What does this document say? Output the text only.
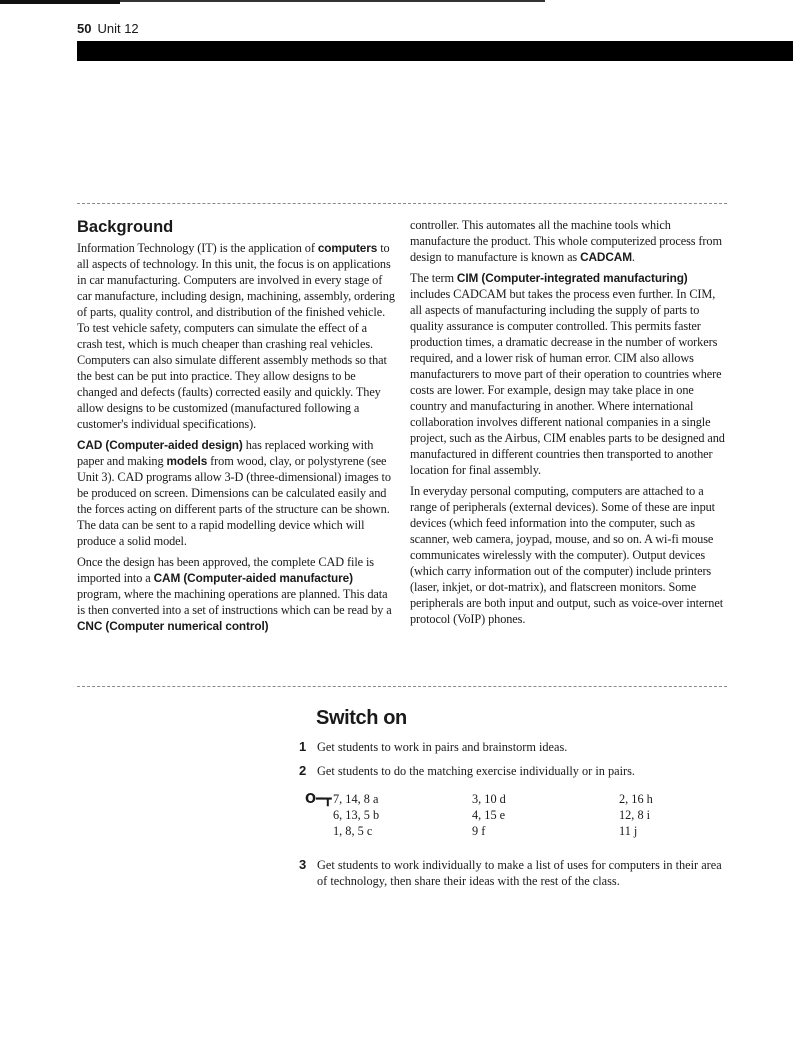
50 Unit 12
Background

Information Technology (IT) is the application of computers to all aspects of technology. In this unit, the focus is on applications in car manufacturing. Computers are involved in every stage of car manufacture, including design, machining, assembly, ordering of parts, quality control, and distribution of the finished vehicle. To test vehicle safety, computers can simulate the effect of a crash test, which is much cheaper than crashing real vehicles. Computers can also simulate different assembly methods so that the best can be put into practice. They allow designs to be changed and defects (faults) corrected easily and quickly. They allow designs to be customized (manufactured following a customer's individual specifications).

CAD (Computer-aided design) has replaced working with paper and making models from wood, clay, or polystyrene (see Unit 3). CAD programs allow 3-D (three-dimensional) images to be produced on screen. Dimensions can be calculated easily and the forces acting on different parts of the structure can be shown. The data can be sent to a rapid modelling device which will produce a solid model.

Once the design has been approved, the complete CAD file is imported into a CAM (Computer-aided manufacture) program, where the machining operations are planned. This data is then converted into a set of instructions which can be read by a CNC (Computer numerical control)

controller. This automates all the machine tools which manufacture the product. This whole computerized process from design to manufacture is known as CADCAM.

The term CIM (Computer-integrated manufacturing) includes CADCAM but takes the process even further. In CIM, all aspects of manufacturing including the supply of parts to quality assurance is computer controlled. This permits faster production times, a dramatic decrease in the number of workers required, and a lower risk of human error. CIM also allows manufacturers to move part of their operation to countries where costs are lower. For example, design may take place in one country and manufacturing in another. Where international collaboration involves different national companies in a single project, such as the Airbus, CIM enables parts to be designed and manufactured in different countries then transported to another location for final assembly.

In everyday personal computing, computers are attached to a range of peripherals (external devices). Some of these are input devices (which feed information into the computer, such as scanner, web camera, joypad, mouse, and so on. A wi-fi mouse communicates wirelessly with the computer). Output devices (which carry information out of the computer) include printers (laser, inkjet, or dot-matrix), and flatscreen monitors. Some peripherals are both input and output, such as voice-over internet protocol (VoIP) phones.

Switch on
1 Get students to work in pairs and brainstorm ideas.
2 Get students to do the matching exercise individually or in pairs.
O━┳ 7, 14, 8 a
6, 13, 5 b
1, 8, 5 c
3, 10 d
4, 15 e
9 f
2, 16 h
12, 8 i
11 j
3 Get students to work individually to make a list of uses for computers in their area of technology, then share their ideas with the rest of the class.
